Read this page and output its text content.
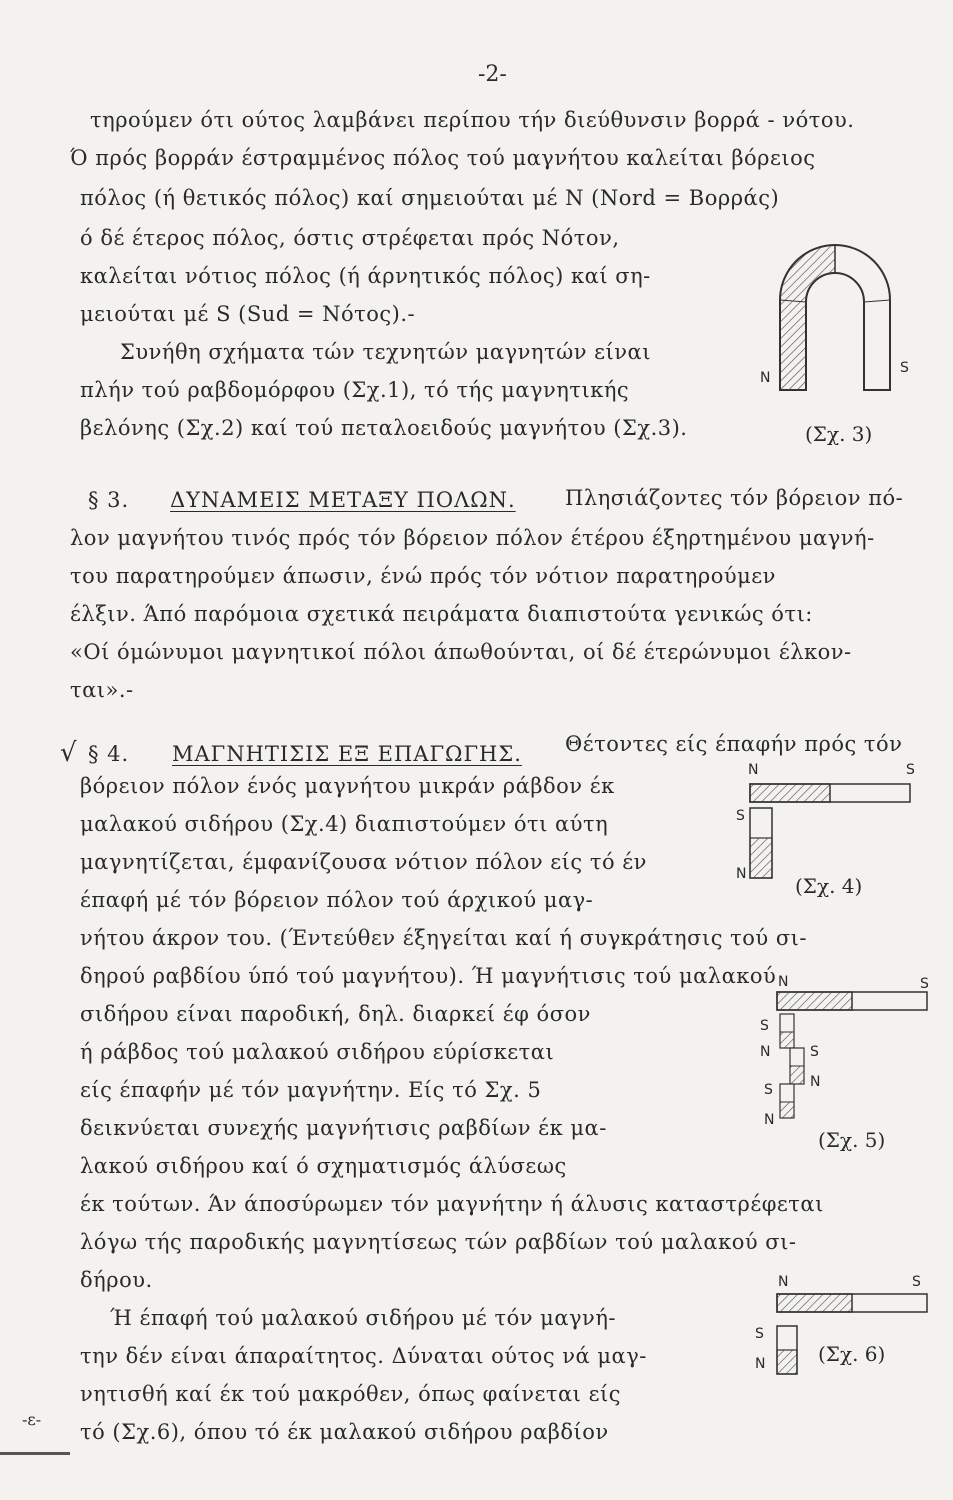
-2-
τηρούμεν ότι ούτος λαμβάνει περίπου τήν διεύθυνσιν βορρά - νότου.
Ό πρός βορράν έστραμμένος πόλος τού μαγνήτου καλείται βόρειος
πόλος (ή θετικός πόλος) καί σημειούται μέ Ν (Nord = Βορράς)
ό δέ έτερος πόλος, όστις στρέφεται πρός Νότον,
καλείται νότιος πόλος (ή άρνητικός πόλος) καί ση-
μειούται μέ S (Sud = Νότος).-
Συνήθη σχήματα τών τεχνητών μαγνητών είναι
πλήν τού ραβδομόρφου (Σχ.1), τό τής μαγνητικής
βελόνης (Σχ.2) καί τού πεταλοειδούς μαγνήτου (Σχ.3).
N
S
(Σχ. 3)
§ 3. ΔΥΝΑΜΕΙΣ ΜΕΤΑΞΥ ΠΟΛΩΝ. Πλησιάζοντες τόν βόρειον πό-
λον μαγνήτου τινός πρός τόν βόρειον πόλον έτέρου έξηρτημένου μαγνή-
του παρατηρούμεν άπωσιν, ένώ πρός τόν νότιον παρατηρούμεν
έλξιν. Άπό παρόμοια σχετικά πειράματα διαπιστούτα γενικώς ότι:
«Οί όμώνυμοι μαγνητικοί πόλοι άπωθούνται, οί δέ έτερώνυμοι έλκον-
ται».-
√ § 4. ΜΑΓΝΗΤΙΣΙΣ ΕΞ ΕΠΑΓΩΓΗΣ. Θέτοντες είς έπαφήν πρός τόν
βόρειον πόλον ένός μαγνήτου μικράν ράβδον έκ
μαλακού σιδήρου (Σχ.4) διαπιστούμεν ότι αύτη
μαγνητίζεται, έμφανίζουσα νότιον πόλον είς τό έν
έπαφή μέ τόν βόρειον πόλον τού άρχικού μαγ-
νήτου άκρον του. (Έντεύθεν έξηγείται καί ή συγκράτησις τού σι-
δηρού ραβδίου ύπό τού μαγνήτου). Ή μαγνήτισις τού μαλακού
σιδήρου είναι παροδική, δηλ. διαρκεί έφ όσον
ή ράβδος τού μαλακού σιδήρου εύρίσκεται
είς έπαφήν μέ τόν μαγνήτην. Είς τό Σχ. 5
δεικνύεται συνεχής μαγνήτισις ραβδίων έκ μα-
λακού σιδήρου καί ό σχηματισμός άλύσεως
έκ τούτων. Άν άποσύρωμεν τόν μαγνήτην ή άλυσις καταστρέφεται
λόγω τής παροδικής μαγνητίσεως τών ραβδίων τού μαλακού σι-
δήρου.
Ή έπαφή τού μαλακού σιδήρου μέ τόν μαγνή-
την δέν είναι άπαραίτητος. Δύναται ούτος νά μαγ-
νητισθή καί έκ τού μακρόθεν, όπως φαίνεται είς
τό (Σχ.6), όπου τό έκ μαλακού σιδήρου ραβδίον
N	S
S
N (Σχ. 4)
N	S
S
N	S
N
S
N
(Σχ. 5)
N	S
S
N	(Σχ. 6)
-ε-
